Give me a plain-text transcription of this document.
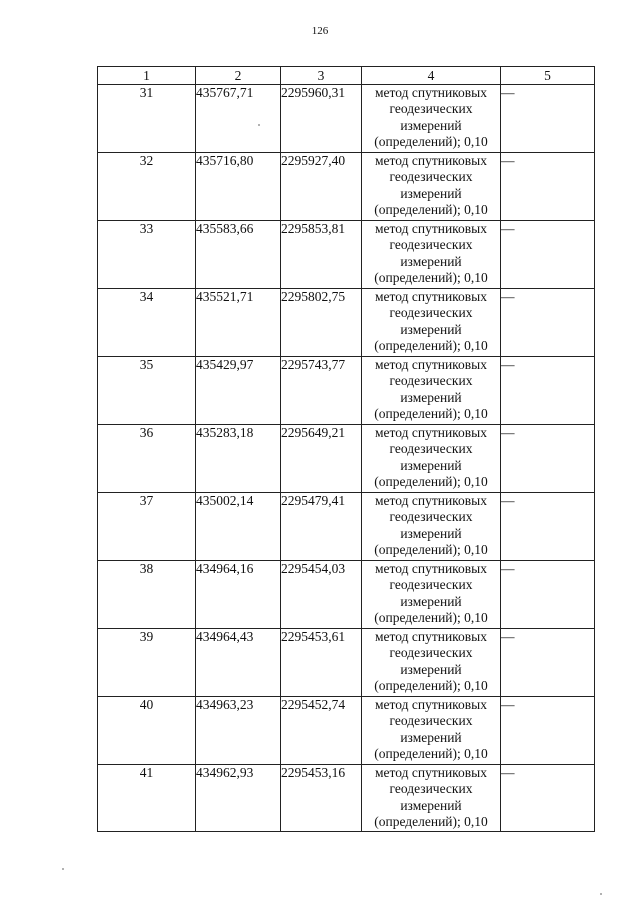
126
1	2	3	4	5
31	435767,71	2295960,31	метод спутниковых
геодезических
измерений
(определений); 0,10	—
32	435716,80	2295927,40	метод спутниковых
геодезических
измерений
(определений); 0,10	—
33	435583,66	2295853,81	метод спутниковых
геодезических
измерений
(определений); 0,10	—
34	435521,71	2295802,75	метод спутниковых
геодезических
измерений
(определений); 0,10	—
35	435429,97	2295743,77	метод спутниковых
геодезических
измерений
(определений); 0,10	—
36	435283,18	2295649,21	метод спутниковых
геодезических
измерений
(определений); 0,10	—
37	435002,14	2295479,41	метод спутниковых
геодезических
измерений
(определений); 0,10	—
38	434964,16	2295454,03	метод спутниковых
геодезических
измерений
(определений); 0,10	—
39	434964,43	2295453,61	метод спутниковых
геодезических
измерений
(определений); 0,10	—
40	434963,23	2295452,74	метод спутниковых
геодезических
измерений
(определений); 0,10	—
41	434962,93	2295453,16	метод спутниковых
геодезических
измерений
(определений); 0,10	—
